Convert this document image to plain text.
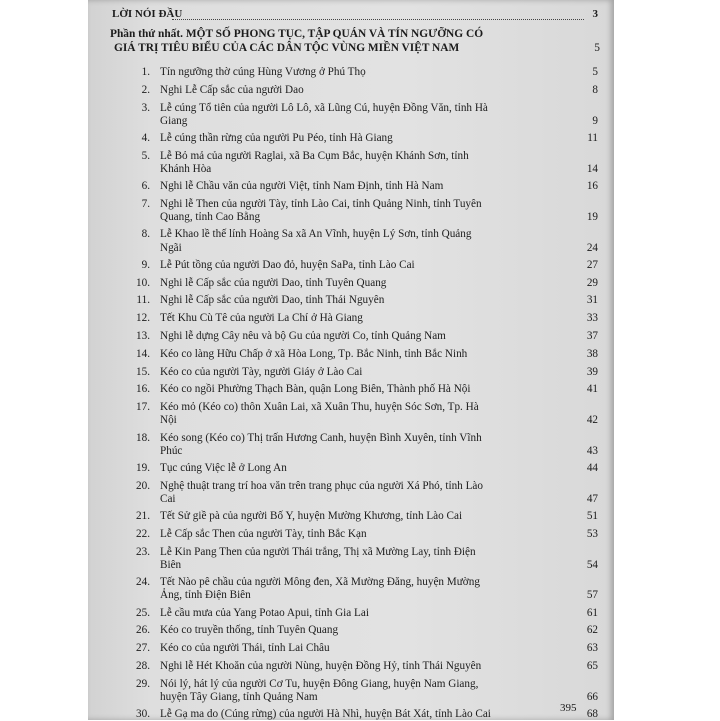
LỜI NÓI ĐẦU	3
Phần thứ nhất. MỘT SỐ PHONG TỤC, TẬP QUÁN VÀ TÍN NGƯỠNG CÓ
GIÁ TRỊ TIÊU BIỂU CỦA CÁC DÂN TỘC VÙNG MIỀN VIỆT NAM	5
1. Tín ngưỡng thờ cúng Hùng Vương ở Phú Thọ	5
2. Nghi Lễ Cấp sắc của người Dao	8
3. Lễ cúng Tổ tiên của người Lô Lô, xã Lũng Cú, huyện Đồng Văn, tỉnh Hà
Giang	9
4. Lễ cúng thần rừng của người Pu Péo, tỉnh Hà Giang	11
5. Lễ Bỏ mả của người Raglai, xã Ba Cụm Bắc, huyện Khánh Sơn, tỉnh
Khánh Hòa	14
6. Nghi lễ Chầu văn của người Việt, tỉnh Nam Định, tỉnh Hà Nam	16
7. Nghi lễ Then của người Tày, tỉnh Lào Cai, tỉnh Quảng Ninh, tỉnh Tuyên
Quang, tỉnh Cao Bằng	19
8. Lễ Khao lề thế lính Hoàng Sa xã An Vĩnh, huyện Lý Sơn, tỉnh Quảng
Ngãi	24
9. Lễ Pút tồng của người Dao đỏ, huyện SaPa, tỉnh Lào Cai	27
10. Nghi lễ Cấp sắc của người Dao, tỉnh Tuyên Quang	29
11. Nghi lễ Cấp sắc của người Dao, tỉnh Thái Nguyên	31
12. Tết Khu Cù Tê của người La Chí ở Hà Giang	33
13. Nghi lễ dựng Cây nêu và bộ Gu của người Co, tỉnh Quảng Nam	37
14. Kéo co làng Hữu Chấp ở xã Hòa Long, Tp. Bắc Ninh, tỉnh Bắc Ninh	38
15. Kéo co của người Tày, người Giáy ở Lào Cai	39
16. Kéo co ngồi Phường Thạch Bàn, quận Long Biên, Thành phố Hà Nội	41
17. Kéo mỏ (Kéo co) thôn Xuân Lai, xã Xuân Thu, huyện Sóc Sơn, Tp. Hà
Nội	42
18. Kéo song (Kéo co) Thị trấn Hương Canh, huyện Bình Xuyên, tỉnh Vĩnh
Phúc	43
19. Tục cúng Việc lễ ở Long An	44
20. Nghệ thuật trang trí hoa văn trên trang phục của người Xá Phó, tỉnh Lào
Cai	47
21. Tết Sử giề pà của người Bố Y, huyện Mường Khương, tỉnh Lào Cai	51
22. Lễ Cấp sắc Then của người Tày, tỉnh Bắc Kạn	53
23. Lễ Kin Pang Then của người Thái trắng, Thị xã Mường Lay, tỉnh Điện
Biên	54
24. Tết Nào pê chầu của người Mông đen, Xã Mường Đăng, huyện Mường
Ảng, tỉnh Điện Biên	57
25. Lễ cầu mưa của Yang Potao Apui, tỉnh Gia Lai	61
26. Kéo co truyền thống, tỉnh Tuyên Quang	62
27. Kéo co của người Thái, tỉnh Lai Châu	63
28. Nghi lễ Hét Khoăn của người Nùng, huyện Đồng Hỷ, tỉnh Thái Nguyên	65
29. Nói lý, hát lý của người Cơ Tu, huyện Đông Giang, huyện Nam Giang,
huyện Tây Giang, tỉnh Quảng Nam	66
30. Lễ Gạ ma do (Cúng rừng) của người Hà Nhì, huyện Bát Xát, tỉnh Lào Cai	68
395
